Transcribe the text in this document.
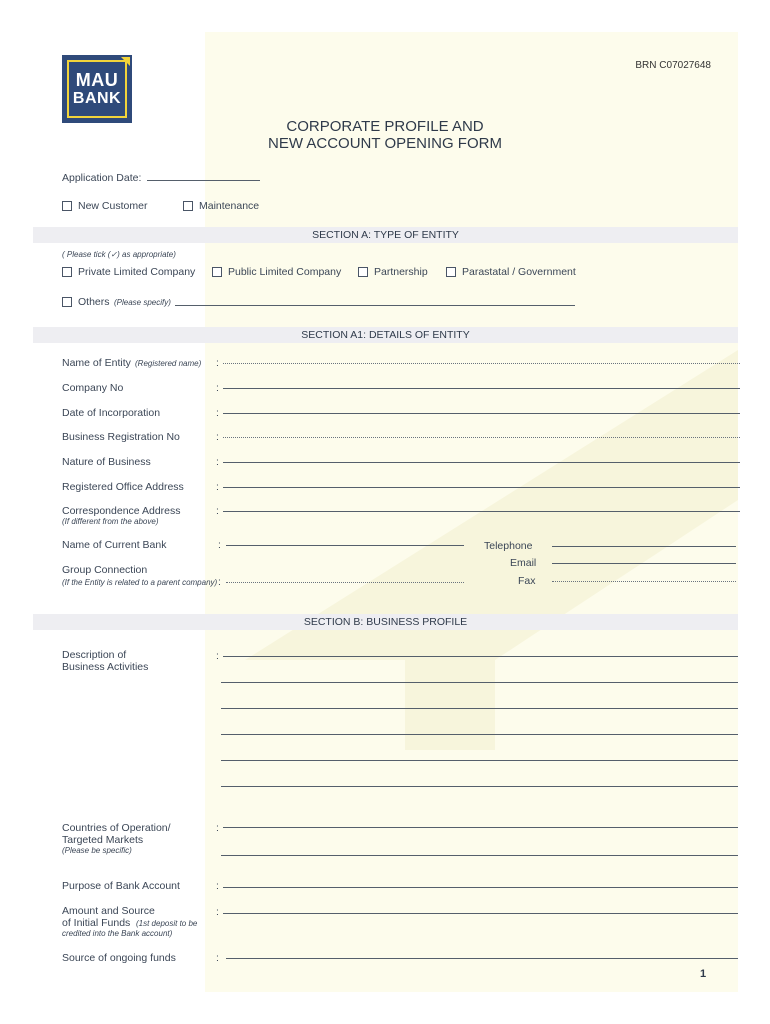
MAU
BANK
BRN C07027648
CORPORATE PROFILE AND
NEW ACCOUNT OPENING FORM
Application Date:
New Customer	Maintenance
SECTION A: TYPE OF ENTITY
( Please tick (✓) as appropriate)
Private Limited Company	Public Limited Company	Partnership	Parastatal / Government
Others (Please specify)
SECTION A1: DETAILS OF ENTITY
Name of Entity (Registered name) :
Company No	:
Date of Incorporation	:
Business Registration No	:
Nature of Business	:
Registered Office Address	:
Correspondence Address
(If different from the above)
:
Name of Current Bank	:	Telephone
Email
Group Connection
(If the Entity is related to a parent company) :	Fax
SECTION B: BUSINESS PROFILE
Description of
Business Activities
:
Countries of Operation/
Targeted Markets
(Please be specific)
:
Purpose of Bank Account	:
Amount and Source
of Initial Funds (1st deposit to be
credited into the Bank account)
:
Source of ongoing funds	:
1
